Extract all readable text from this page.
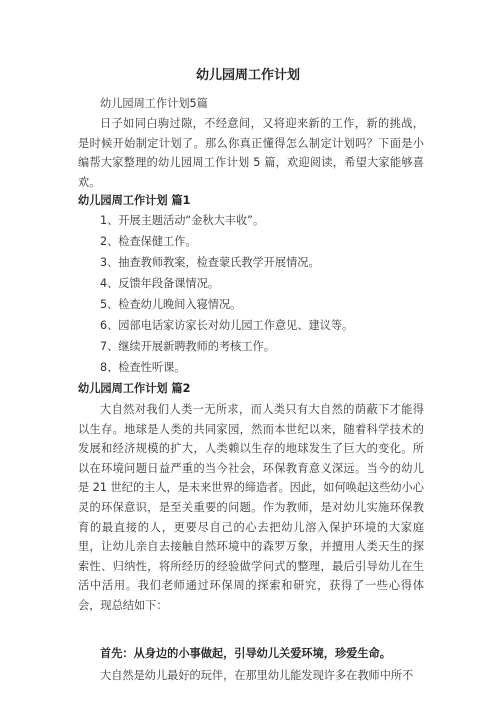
幼儿园周工作计划

幼儿园周工作计划5篇

日子如同白驹过隙，不经意间，又将迎来新的工作，新的挑战，是时候开始制定计划了。那么你真正懂得怎么制定计划吗？下面是小编帮大家整理的幼儿园周工作计划 5 篇，欢迎阅读，希望大家能够喜欢。

幼儿园周工作计划 篇1
1、开展主题活动“金秋大丰收”。
2、检查保健工作。
3、抽查教师教案，检查蒙氏教学开展情况。
4、反馈年段备课情况。
5、检查幼儿晚间入寝情况。
6、园部电话家访家长对幼儿园工作意见、建议等。
7、继续开展新聘教师的考核工作。
8、检查性听课。
幼儿园周工作计划 篇2

大自然对我们人类一无所求，而人类只有大自然的荫蔽下才能得以生存。地球是人类的共同家园，然而本世纪以来，随着科学技术的发展和经济规模的扩大，人类赖以生存的地球发生了巨大的变化。所以在环境问题日益严重的当今社会，环保教育意义深远。当今的幼儿是 21 世纪的主人，是未来世界的缔造者。因此，如何唤起这些幼小心灵的环保意识，是至关重要的问题。作为教师，是对幼儿实施环保教育的最直接的人，更要尽自己的心去把幼儿溶入保护环境的大家庭里，让幼儿亲自去接触自然环境中的森罗万象，并擅用人类天生的探索性、归纳性，将所经历的经验做学问式的整理，最后引导幼儿在生活中活用。我们老师通过环保周的探索和研究，获得了一些心得体会，现总结如下：

首先：从身边的小事做起，引导幼儿关爱环境，珍爱生命。
大自然是幼儿最好的玩伴，在那里幼儿能发现许多在教师中所不
